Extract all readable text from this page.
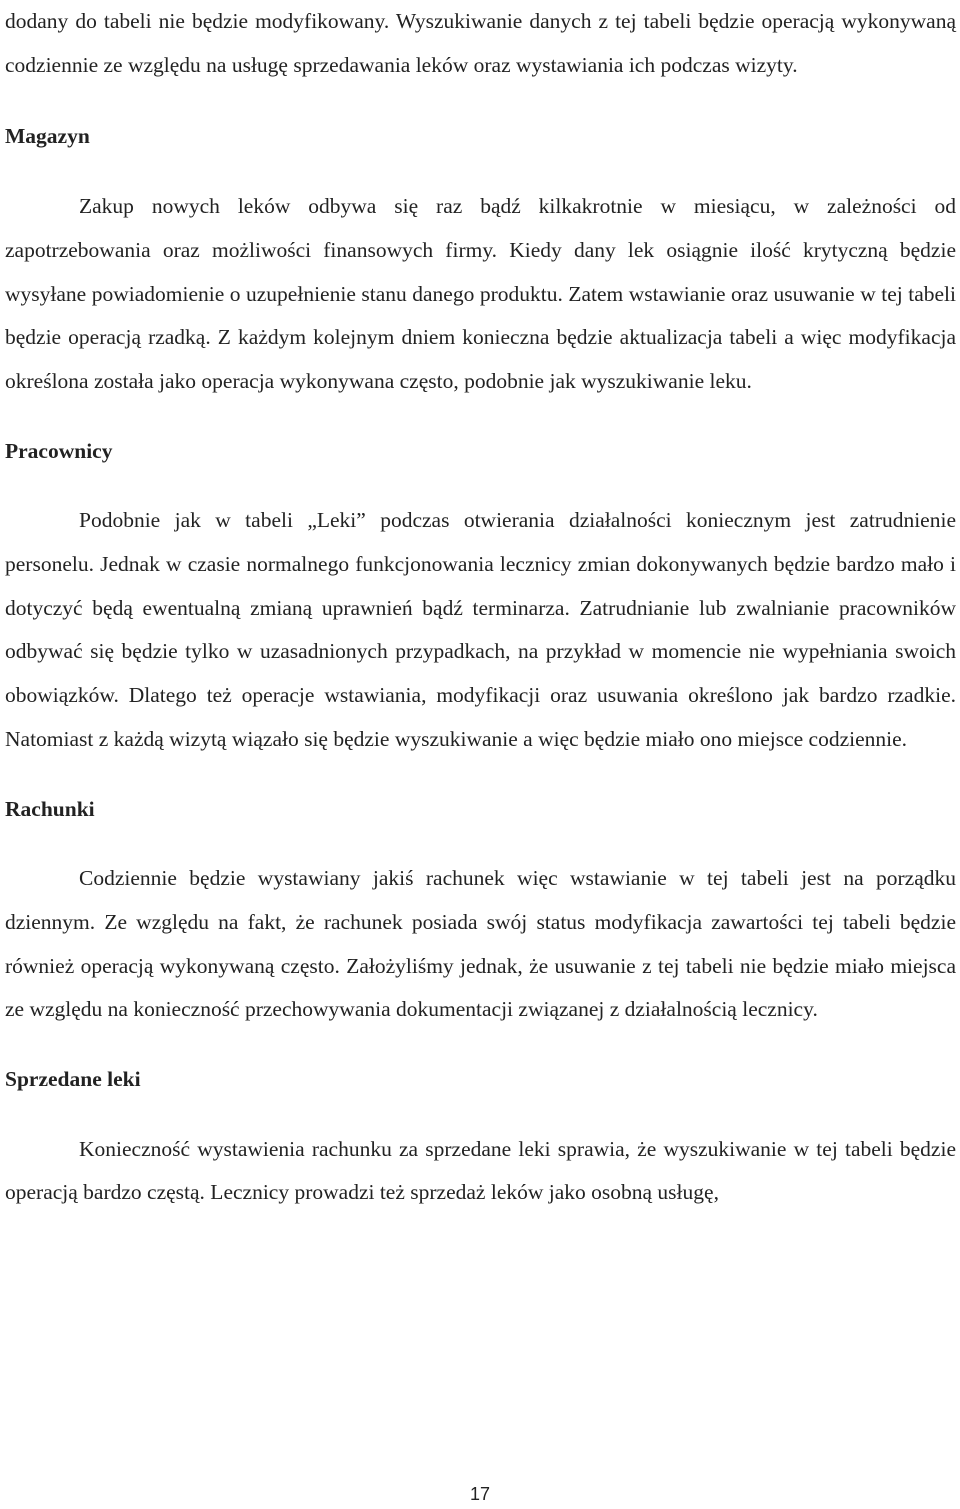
dodany do tabeli nie będzie modyfikowany. Wyszukiwanie danych z tej tabeli będzie operacją wykonywaną codziennie ze względu na usługę sprzedawania leków oraz wystawiania ich podczas wizyty.

Magazyn

Zakup nowych leków odbywa się raz bądź kilkakrotnie w miesiącu, w zależności od zapotrzebowania oraz możliwości finansowych firmy. Kiedy dany lek osiągnie ilość krytyczną będzie wysyłane powiadomienie o uzupełnienie stanu danego produktu. Zatem wstawianie oraz usuwanie w tej tabeli będzie operacją rzadką. Z każdym kolejnym dniem konieczna będzie aktualizacja tabeli a więc modyfikacja określona została jako operacja wykonywana często, podobnie jak wyszukiwanie leku.

Pracownicy

Podobnie jak w tabeli „Leki” podczas otwierania działalności koniecznym jest zatrudnienie personelu. Jednak w czasie normalnego funkcjonowania lecznicy zmian dokonywanych będzie bardzo mało i dotyczyć będą ewentualną zmianą uprawnień bądź terminarza. Zatrudnianie lub zwalnianie pracowników odbywać się będzie tylko w uzasadnionych przypadkach, na przykład w momencie nie wypełniania swoich obowiązków. Dlatego też operacje wstawiania, modyfikacji oraz usuwania określono jak bardzo rzadkie. Natomiast z każdą wizytą wiązało się będzie wyszukiwanie a więc będzie miało ono miejsce codziennie.

Rachunki

Codziennie będzie wystawiany jakiś rachunek więc wstawianie w tej tabeli jest na porządku dziennym. Ze względu na fakt, że rachunek posiada swój status modyfikacja zawartości tej tabeli będzie również operacją wykonywaną często. Założyliśmy jednak, że usuwanie z tej tabeli nie będzie miało miejsca ze względu na konieczność przechowywania dokumentacji związanej z działalnością lecznicy.

Sprzedane leki

Konieczność wystawienia rachunku za sprzedane leki sprawia, że wyszukiwanie w tej tabeli będzie operacją bardzo częstą. Lecznicy prowadzi też sprzedaż leków jako osobną usługę,

17
